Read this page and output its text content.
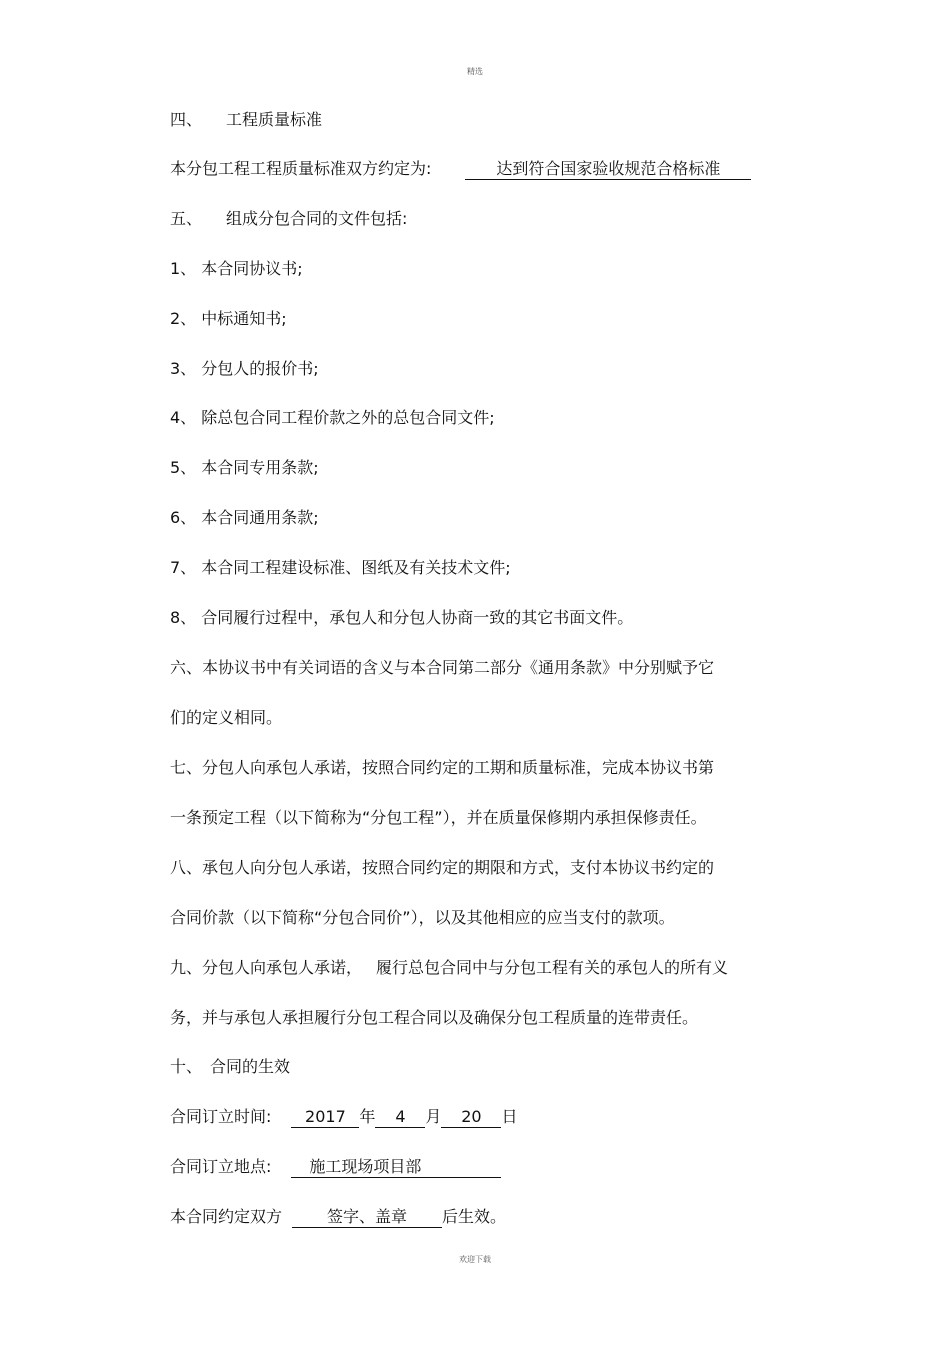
精选
四、 工程质量标准
本分包工程工程质量标准双方约定为:	达到符合国家验收规范合格标准
五、 组成分包合同的文件包括:
1、 本合同协议书;
2、 中标通知书;
3、 分包人的报价书;
4、 除总包合同工程价款之外的总包合同文件;
5、 本合同专用条款;
6、 本合同通用条款;
7、 本合同工程建设标准、图纸及有关技术文件;
8、 合同履行过程中，承包人和分包人协商一致的其它书面文件。
六、本协议书中有关词语的含义与本合同第二部分《通用条款》中分别赋予它
们的定义相同。
七、分包人向承包人承诺，按照合同约定的工期和质量标准，完成本协议书第
一条预定工程（以下简称为“分包工程”），并在质量保修期内承担保修责任。
八、承包人向分包人承诺，按照合同约定的期限和方式，支付本协议书约定的
合同价款（以下简称“分包合同价”），以及其他相应的应当支付的款项。
九、分包人向承包人承诺， 履行总包合同中与分包工程有关的承包人的所有义
务，并与承包人承担履行分包工程合同以及确保分包工程质量的连带责任。
十、 合同的生效
合同订立时间: 2017 年 4 月 20 日
合同订立地点: 施工现场项目部
本合同约定双方	签字、盖章 后生效。
欢迎下载
